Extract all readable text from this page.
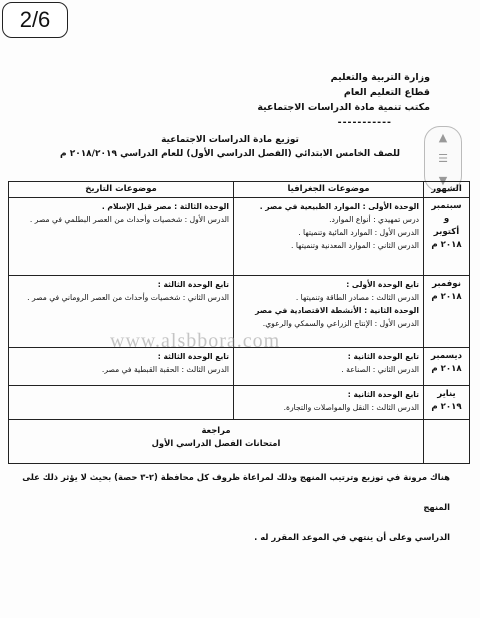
2/6
وزارة التربية والتعليم
قطاع التعليم العام
مكتب تنمية مادة الدراسات الاجتماعية
-----------
توزيع مادة الدراسات الاجتماعية
للصف الخامس الابتدائي (الفصل الدراسي الأول) للعام الدراسي ٢٠١٨/٢٠١٩ م
▲
☰
▼
الشهور	موضوعات الجغرافيا	موضوعات التاريخ

سبتمبر
و
أكتوبر
٢٠١٨ م	الوحدة الأولى : الموارد الطبيعية في مصر .
درس تمهيدي : أنواع الموارد.
الدرس الأول : الموارد المائية وتنميتها .
الدرس الثاني : الموارد المعدنية وتنميتها .	الوحدة الثالثة : مصر قبل الإسلام .
الدرس الأول : شخصيات وأحداث من العصر البطلمي في مصر .

نوفمبر
٢٠١٨ م	تابع الوحدة الأولى :
الدرس الثالث : مصادر الطاقة وتنميتها .
الوحدة الثانية : الأنشطة الاقتصادية في مصر
الدرس الأول : الإنتاج الزراعي والسمكي والرعوي.	تابع الوحدة الثالثة :
الدرس الثاني : شخصيات وأحداث من العصر الروماني في مصر .

ديسمبر
٢٠١٨ م	تابع الوحدة الثانية :
الدرس الثاني : الصناعة .	تابع الوحدة الثالثة :
الدرس الثالث : الحقبة القبطية في مصر.

يناير
٢٠١٩ م	تابع الوحدة الثانية :
الدرس الثالث : النقل والمواصلات والتجارة.	

	مراجعة
امتحانات الفصل الدراسي الأول	
www.alsbbora.com
هناك مرونة في توزيع وترتيب المنهج وذلك لمراعاة ظروف كل محافظة (٢-٣ حصة) بحيث لا يؤثر ذلك على المنهج
الدراسي وعلى أن ينتهي في الموعد المقرر له .
